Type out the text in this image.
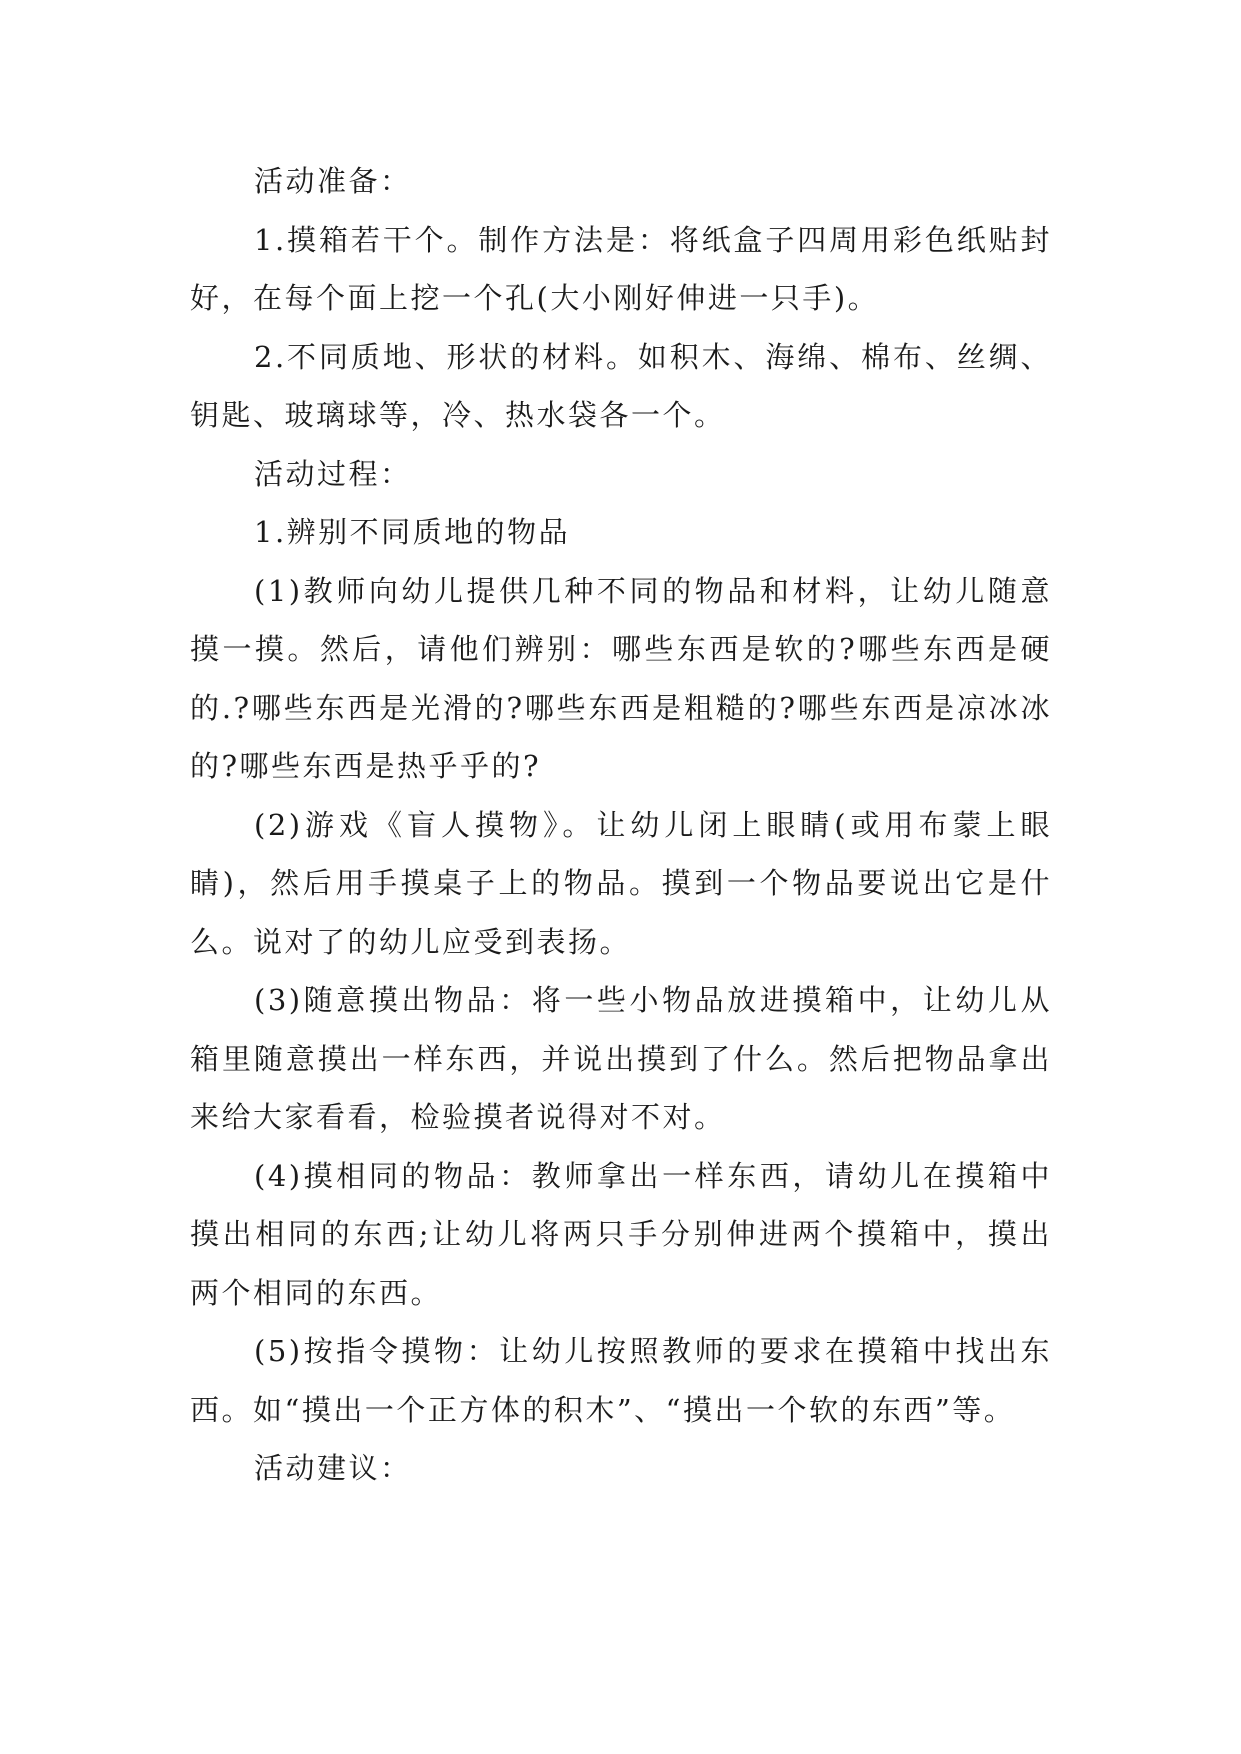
活动准备：

1.摸箱若干个。制作方法是：将纸盒子四周用彩色纸贴封好，在每个面上挖一个孔(大小刚好伸进一只手)。

2.不同质地、形状的材料。如积木、海绵、棉布、丝绸、钥匙、玻璃球等，冷、热水袋各一个。

活动过程：

1.辨别不同质地的物品

(1)教师向幼儿提供几种不同的物品和材料，让幼儿随意摸一摸。然后，请他们辨别：哪些东西是软的?哪些东西是硬的.?哪些东西是光滑的?哪些东西是粗糙的?哪些东西是凉冰冰的?哪些东西是热乎乎的?

(2)游戏《盲人摸物》。让幼儿闭上眼睛(或用布蒙上眼睛)，然后用手摸桌子上的物品。摸到一个物品要说出它是什么。说对了的幼儿应受到表扬。

(3)随意摸出物品：将一些小物品放进摸箱中，让幼儿从箱里随意摸出一样东西，并说出摸到了什么。然后把物品拿出来给大家看看，检验摸者说得对不对。

(4)摸相同的物品：教师拿出一样东西，请幼儿在摸箱中摸出相同的东西;让幼儿将两只手分别伸进两个摸箱中，摸出两个相同的东西。

(5)按指令摸物：让幼儿按照教师的要求在摸箱中找出东西。如“摸出一个正方体的积木”、“摸出一个软的东西”等。

活动建议：
